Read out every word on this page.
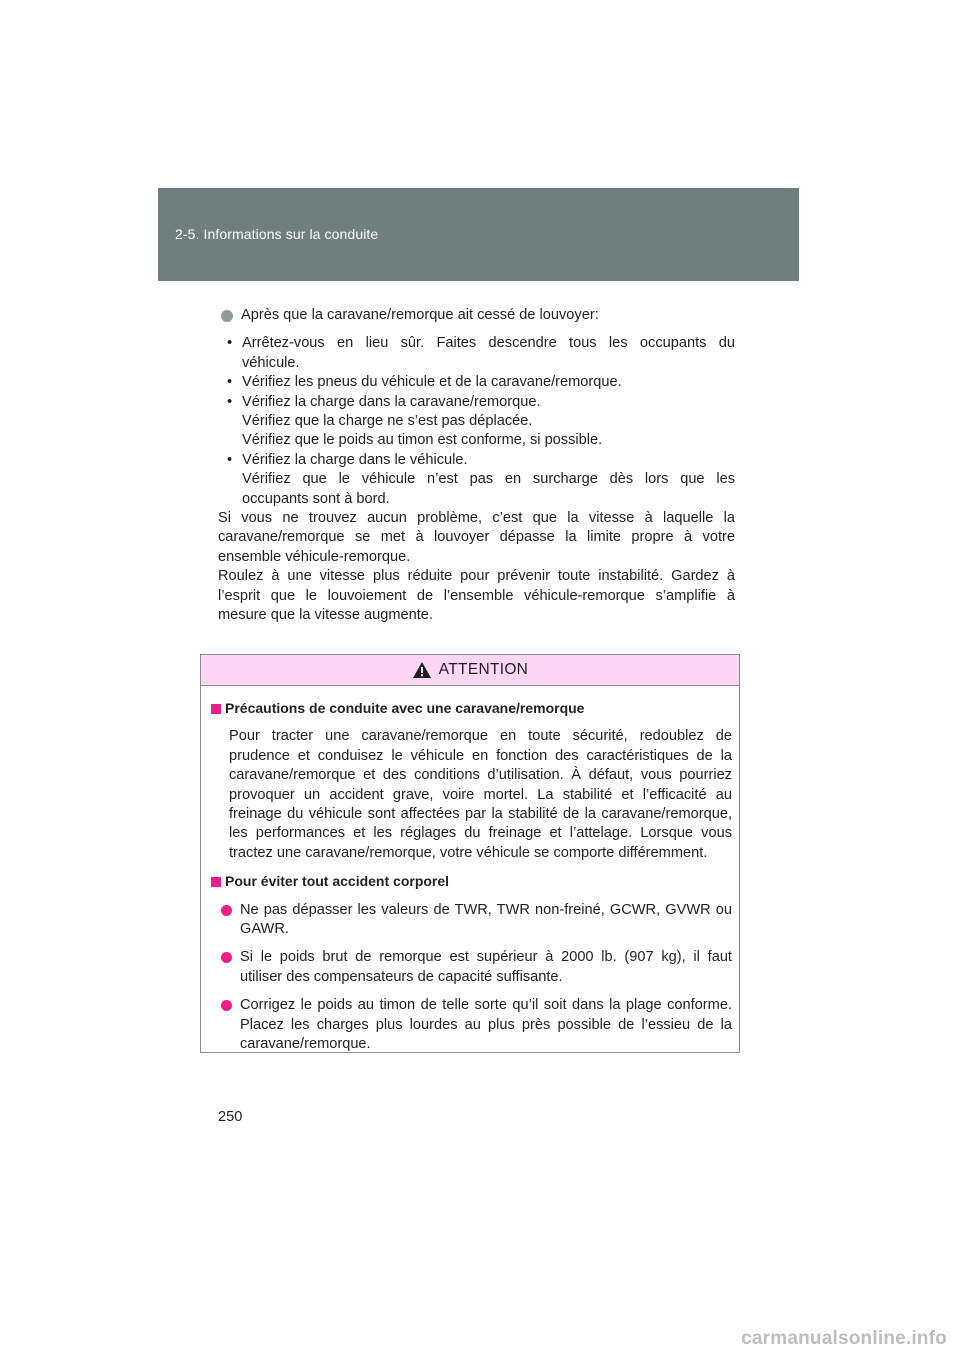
2-5. Informations sur la conduite
Après que la caravane/remorque ait cessé de louvoyer:
• Arrêtez-vous en lieu sûr. Faites descendre tous les occupants du
véhicule.
• Vérifiez les pneus du véhicule et de la caravane/remorque.
• Vérifiez la charge dans la caravane/remorque.
Vérifiez que la charge ne s’est pas déplacée.
Vérifiez que le poids au timon est conforme, si possible.
• Vérifiez la charge dans le véhicule.
Vérifiez que le véhicule n’est pas en surcharge dès lors que les
occupants sont à bord.
Si vous ne trouvez aucun problème, c’est que la vitesse à laquelle la
caravane/remorque se met à louvoyer dépasse la limite propre à votre
ensemble véhicule-remorque.
Roulez à une vitesse plus réduite pour prévenir toute instabilité. Gardez à
l’esprit que le louvoiement de l’ensemble véhicule-remorque s’amplifie à
mesure que la vitesse augmente.
ATTENTION
Précautions de conduite avec une caravane/remorque
Pour tracter une caravane/remorque en toute sécurité, redoublez de
prudence et conduisez le véhicule en fonction des caractéristiques de la
caravane/remorque et des conditions d’utilisation. À défaut, vous pourriez
provoquer un accident grave, voire mortel. La stabilité et l’efficacité au
freinage du véhicule sont affectées par la stabilité de la caravane/remorque,
les performances et les réglages du freinage et l’attelage. Lorsque vous
tractez une caravane/remorque, votre véhicule se comporte différemment.
Pour éviter tout accident corporel
Ne pas dépasser les valeurs de TWR, TWR non-freiné, GCWR, GVWR ou
GAWR.
Si le poids brut de remorque est supérieur à 2000 lb. (907 kg), il faut
utiliser des compensateurs de capacité suffisante.
Corrigez le poids au timon de telle sorte qu’il soit dans la plage conforme.
Placez les charges plus lourdes au plus près possible de l’essieu de la
caravane/remorque.
250
carmanualsonline.info
